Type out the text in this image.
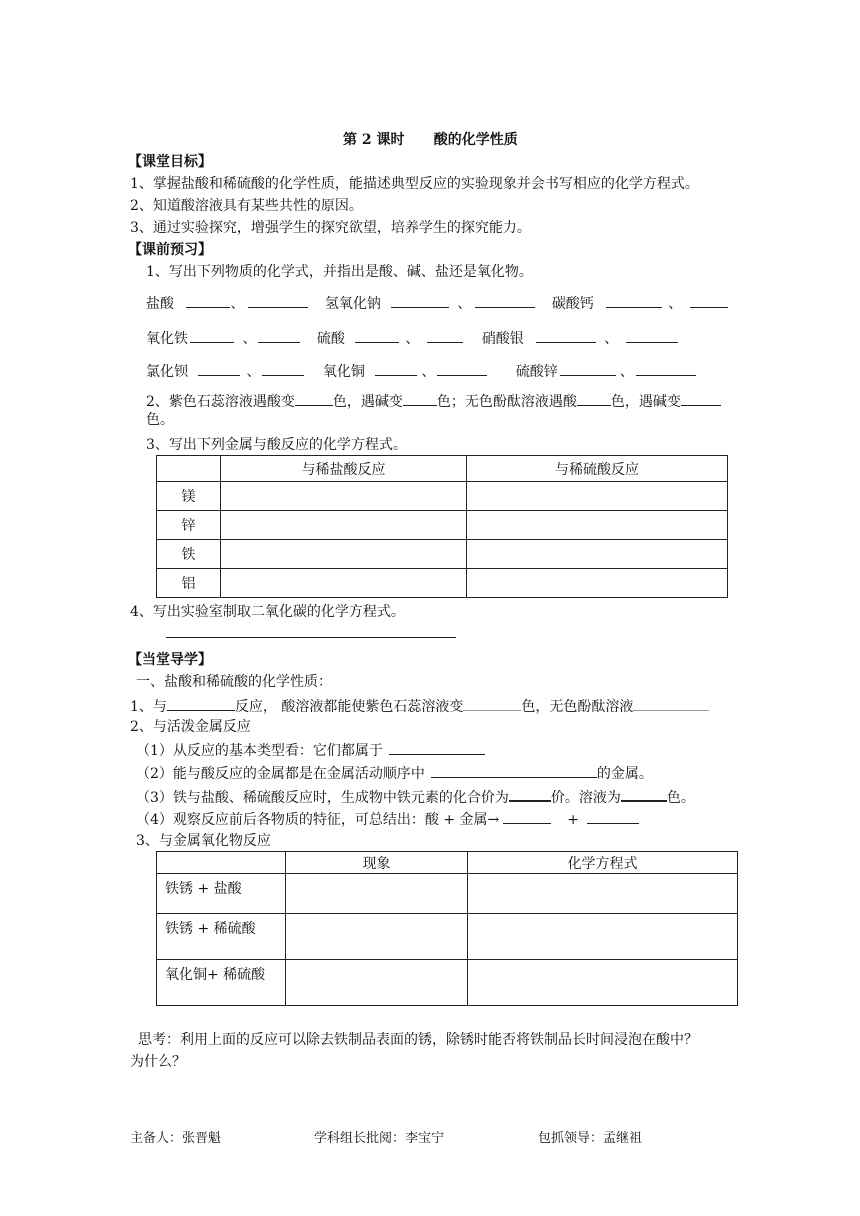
第 2 课时      酸的化学性质
【课堂目标】
1、掌握盐酸和稀硫酸的化学性质，能描述典型反应的实验现象并会书写相应的化学方程式。
2、知道酸溶液具有某些共性的原因。
3、通过实验探究，增强学生的探究欲望，培养学生的探究能力。
【课前预习】
1、写出下列物质的化学式，并指出是酸、碱、盐还是氧化物。
盐酸	、	氢氧化钠	、	碳酸钙	、
氧化铁	、	硫酸	、	硝酸银	、
氯化钡	、	氧化铜	、	硫酸锌	、
2、紫色石蕊溶液遇酸变	色，遇碱变 色；无色酚酞溶液遇酸 色，遇碱变
色。
3、写出下列金属与酸反应的化学方程式。
	与稀盐酸反应	与稀硫酸反应
镁		
锌		
铁		
铝		
4、写出实验室制取二氧化碳的化学方程式。
【当堂导学】
一、盐酸和稀硫酸的化学性质：
1、与	反应， 酸溶液都能使紫色石蕊溶液变	色，无色酚酞溶液
2、与活泼金属反应
（1）从反应的基本类型看：它们都属于
（2）能与酸反应的金属都是在金属活动顺序中	的金属。
（3）铁与盐酸、稀硫酸反应时，生成物中铁元素的化合价为	价。溶液为	色。
（4）观察反应前后各物质的特征，可总结出：酸 + 金属→	+
3、与金属氧化物反应
	现象	化学方程式
铁锈 + 盐酸		
铁锈 + 稀硫酸		
氧化铜+ 稀硫酸		
思考：利用上面的反应可以除去铁制品表面的锈，除锈时能否将铁制品长时间浸泡在酸中？
为什么？
主备人：张晋魁	学科组长批阅：李宝宁	包抓领导：孟继祖
